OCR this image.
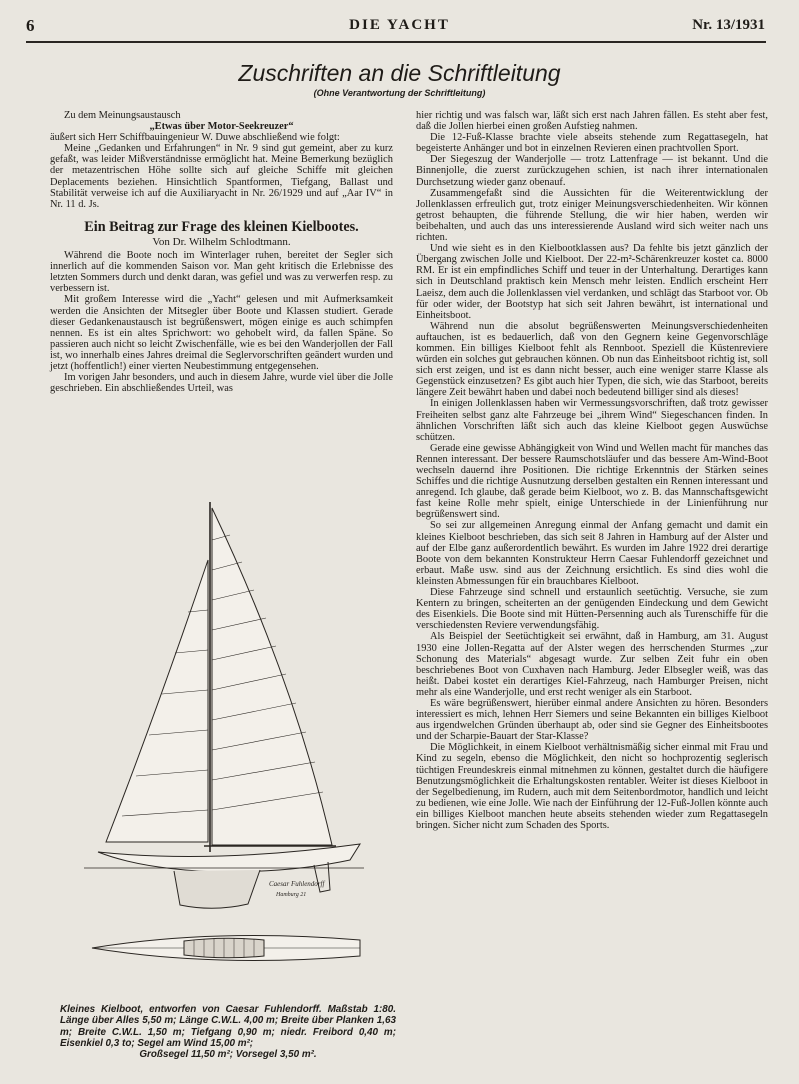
6	DIE YACHT	Nr. 13/1931
Zuschriften an die Schriftleitung
(Ohne Verantwortung der Schriftleitung)

Zu dem Meinungsaustausch

„Etwas über Motor-Seekreuzer“

äußert sich Herr Schiffbauingenieur W. Duwe abschließend wie folgt:

Meine „Gedanken und Erfahrungen“ in Nr. 9 sind gut gemeint, aber zu kurz gefaßt, was leider Mißverständnisse ermöglicht hat. Meine Bemerkung bezüglich der metazentrischen Höhe sollte sich auf gleiche Schiffe mit gleichen Deplacements beziehen. Hinsichtlich Spantformen, Tiefgang, Ballast und Stabilität verweise ich auf die Auxiliaryacht in Nr. 26/1929 und auf „Aar IV“ in Nr. 11 d. Js.

Ein Beitrag zur Frage des kleinen Kielbootes.
Von Dr. Wilhelm Schlodtmann.

Während die Boote noch im Winterlager ruhen, bereitet der Segler sich innerlich auf die kommenden Saison vor. Man geht kritisch die Erlebnisse des letzten Sommers durch und denkt daran, was gefiel und was zu verwerfen resp. zu verbessern ist.

Mit großem Interesse wird die „Yacht“ gelesen und mit Aufmerksamkeit werden die Ansichten der Mitsegler über Boote und Klassen studiert. Gerade dieser Gedankenaustausch ist begrüßenswert, mögen einige es auch schimpfen nennen. Es ist ein altes Sprichwort: wo gehobelt wird, da fallen Späne. So passieren auch nicht so leicht Zwischenfälle, wie es bei den Wanderjollen der Fall ist, wo innerhalb eines Jahres dreimal die Seglervorschriften geändert wurden und jetzt (hoffentlich!) einer vierten Neubestimmung entgegensehen.

Im vorigen Jahr besonders, und auch in diesem Jahre, wurde viel über die Jolle geschrieben. Ein abschließendes Urteil, was

Caesar Fuhlendorff
Hamburg 21
Kleines Kielboot, entworfen von Caesar Fuhlendorff. Maßstab 1:80. Länge über Alles 5,50 m; Länge C.W.L. 4,00 m; Breite über Planken 1,63 m; Breite C.W.L. 1,50 m; Tiefgang 0,90 m; niedr. Freibord 0,40 m; Eisenkiel 0,3 to; Segel am Wind 15,00 m²;
Großsegel 11,50 m²; Vorsegel 3,50 m².

hier richtig und was falsch war, läßt sich erst nach Jahren fällen. Es steht aber fest, daß die Jollen hierbei einen großen Aufstieg nahmen.

Die 12-Fuß-Klasse brachte viele abseits stehende zum Regattasegeln, hat begeisterte Anhänger und bot in einzelnen Revieren einen prachtvollen Sport.

Der Siegeszug der Wanderjolle — trotz Lattenfrage — ist bekannt. Und die Binnenjolle, die zuerst zurückzugehen schien, ist nach ihrer internationalen Durchsetzung wieder ganz obenauf.

Zusammengefaßt sind die Aussichten für die Weiterentwicklung der Jollenklassen erfreulich gut, trotz einiger Meinungsverschiedenheiten. Wir können getrost behaupten, die führende Stellung, die wir hier haben, werden wir beibehalten, und auch das uns interessierende Ausland wird sich weiter nach uns richten.

Und wie sieht es in den Kielbootklassen aus? Da fehlte bis jetzt gänzlich der Übergang zwischen Jolle und Kielboot. Der 22-m²-Schärenkreuzer kostet ca. 8000 RM. Er ist ein empfindliches Schiff und teuer in der Unterhaltung. Derartiges kann sich in Deutschland praktisch kein Mensch mehr leisten. Endlich erscheint Herr Laeisz, dem auch die Jollenklassen viel verdanken, und schlägt das Starboot vor. Ob für oder wider, der Bootstyp hat sich seit Jahren bewährt, ist international und Einheitsboot.

Während nun die absolut begrüßenswerten Meinungsverschiedenheiten auftauchen, ist es bedauerlich, daß von den Gegnern keine Gegenvorschläge kommen. Ein billiges Kielboot fehlt als Rennboot. Speziell die Küstenreviere würden ein solches gut gebrauchen können. Ob nun das Einheitsboot richtig ist, soll sich erst zeigen, und ist es dann nicht besser, auch eine weniger starre Klasse als Gegenstück einzusetzen? Es gibt auch hier Typen, die sich, wie das Starboot, bereits längere Zeit bewährt haben und dabei noch bedeutend billiger sind als dieses!

In einigen Jollenklassen haben wir Vermessungsvorschriften, daß trotz gewisser Freiheiten selbst ganz alte Fahrzeuge bei „ihrem Wind“ Siegeschancen finden. In ähnlichen Vorschriften läßt sich auch das kleine Kielboot gegen Auswüchse schützen.

Gerade eine gewisse Abhängigkeit von Wind und Wellen macht für manches das Rennen interessant. Der bessere Raumschotsläufer und das bessere Am-Wind-Boot wechseln dauernd ihre Positionen. Die richtige Erkenntnis der Stärken seines Schiffes und die richtige Ausnutzung derselben gestalten ein Rennen interessant und anregend. Ich glaube, daß gerade beim Kielboot, wo z. B. das Mannschaftsgewicht fast keine Rolle mehr spielt, einige Unterschiede in der Linienführung nur begrüßenswert sind.

So sei zur allgemeinen Anregung einmal der Anfang gemacht und damit ein kleines Kielboot beschrieben, das sich seit 8 Jahren in Hamburg auf der Alster und auf der Elbe ganz außerordentlich bewährt. Es wurden im Jahre 1922 drei derartige Boote von dem bekannten Konstrukteur Herrn Caesar Fuhlendorff gezeichnet und erbaut. Maße usw. sind aus der Zeichnung ersichtlich. Es sind dies wohl die kleinsten Abmessungen für ein brauchbares Kielboot.

Diese Fahrzeuge sind schnell und erstaunlich seetüchtig. Versuche, sie zum Kentern zu bringen, scheiterten an der genügenden Eindeckung und dem Gewicht des Eisenkiels. Die Boote sind mit Hütten-Persenning auch als Turenschiffe für die verschiedensten Reviere verwendungsfähig.

Als Beispiel der Seetüchtigkeit sei erwähnt, daß in Hamburg, am 31. August 1930 eine Jollen-Regatta auf der Alster wegen des herrschenden Sturmes „zur Schonung des Materials“ abgesagt wurde. Zur selben Zeit fuhr ein oben beschriebenes Boot von Cuxhaven nach Hamburg. Jeder Elbsegler weiß, was das heißt. Dabei kostet ein derartiges Kiel-Fahrzeug, nach Hamburger Preisen, nicht mehr als eine Wanderjolle, und erst recht weniger als ein Starboot.

Es wäre begrüßenswert, hierüber einmal andere Ansichten zu hören. Besonders interessiert es mich, lehnen Herr Siemers und seine Bekannten ein billiges Kielboot aus irgendwelchen Gründen überhaupt ab, oder sind sie Gegner des Einheitsbootes und der Scharpie-Bauart der Star-Klasse?

Die Möglichkeit, in einem Kielboot verhältnismäßig sicher einmal mit Frau und Kind zu segeln, ebenso die Möglichkeit, den nicht so hochprozentig seglerisch tüchtigen Freundeskreis einmal mitnehmen zu können, gestaltet durch die häufigere Benutzungsmöglichkeit die Erhaltungskosten rentabler. Weiter ist dieses Kielboot in der Segelbedienung, im Rudern, auch mit dem Seitenbordmotor, handlich und leicht zu bedienen, wie eine Jolle. Wie nach der Einführung der 12-Fuß-Jollen könnte auch ein billiges Kielboot manchen heute abseits stehenden wieder zum Regattasegeln bringen. Sicher nicht zum Schaden des Sports.
